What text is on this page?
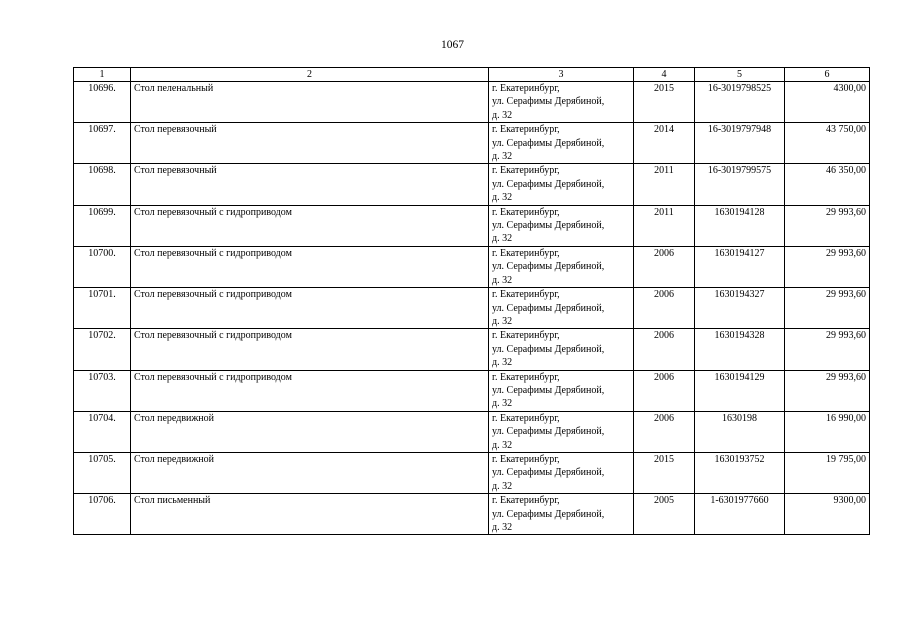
1067
1	2	3	4	5	6
10696.	Стол пеленальный	г. Екатеринбург,
ул. Серафимы Дерябиной,
д. 32	2015	16-3019798525	4300,00
10697.	Стол перевязочный	г. Екатеринбург,
ул. Серафимы Дерябиной,
д. 32	2014	16-3019797948	43 750,00
10698.	Стол перевязочный	г. Екатеринбург,
ул. Серафимы Дерябиной,
д. 32	2011	16-3019799575	46 350,00
10699.	Стол перевязочный с гидроприводом	г. Екатеринбург,
ул. Серафимы Дерябиной,
д. 32	2011	1630194128	29 993,60
10700.	Стол перевязочный с гидроприводом	г. Екатеринбург,
ул. Серафимы Дерябиной,
д. 32	2006	1630194127	29 993,60
10701.	Стол перевязочный с гидроприводом	г. Екатеринбург,
ул. Серафимы Дерябиной,
д. 32	2006	1630194327	29 993,60
10702.	Стол перевязочный с гидроприводом	г. Екатеринбург,
ул. Серафимы Дерябиной,
д. 32	2006	1630194328	29 993,60
10703.	Стол перевязочный с гидроприводом	г. Екатеринбург,
ул. Серафимы Дерябиной,
д. 32	2006	1630194129	29 993,60
10704.	Стол передвижной	г. Екатеринбург,
ул. Серафимы Дерябиной,
д. 32	2006	1630198	16 990,00
10705.	Стол передвижной	г. Екатеринбург,
ул. Серафимы Дерябиной,
д. 32	2015	1630193752	19 795,00
10706.	Стол письменный	г. Екатеринбург,
ул. Серафимы Дерябиной,
д. 32	2005	1-6301977660	9300,00
